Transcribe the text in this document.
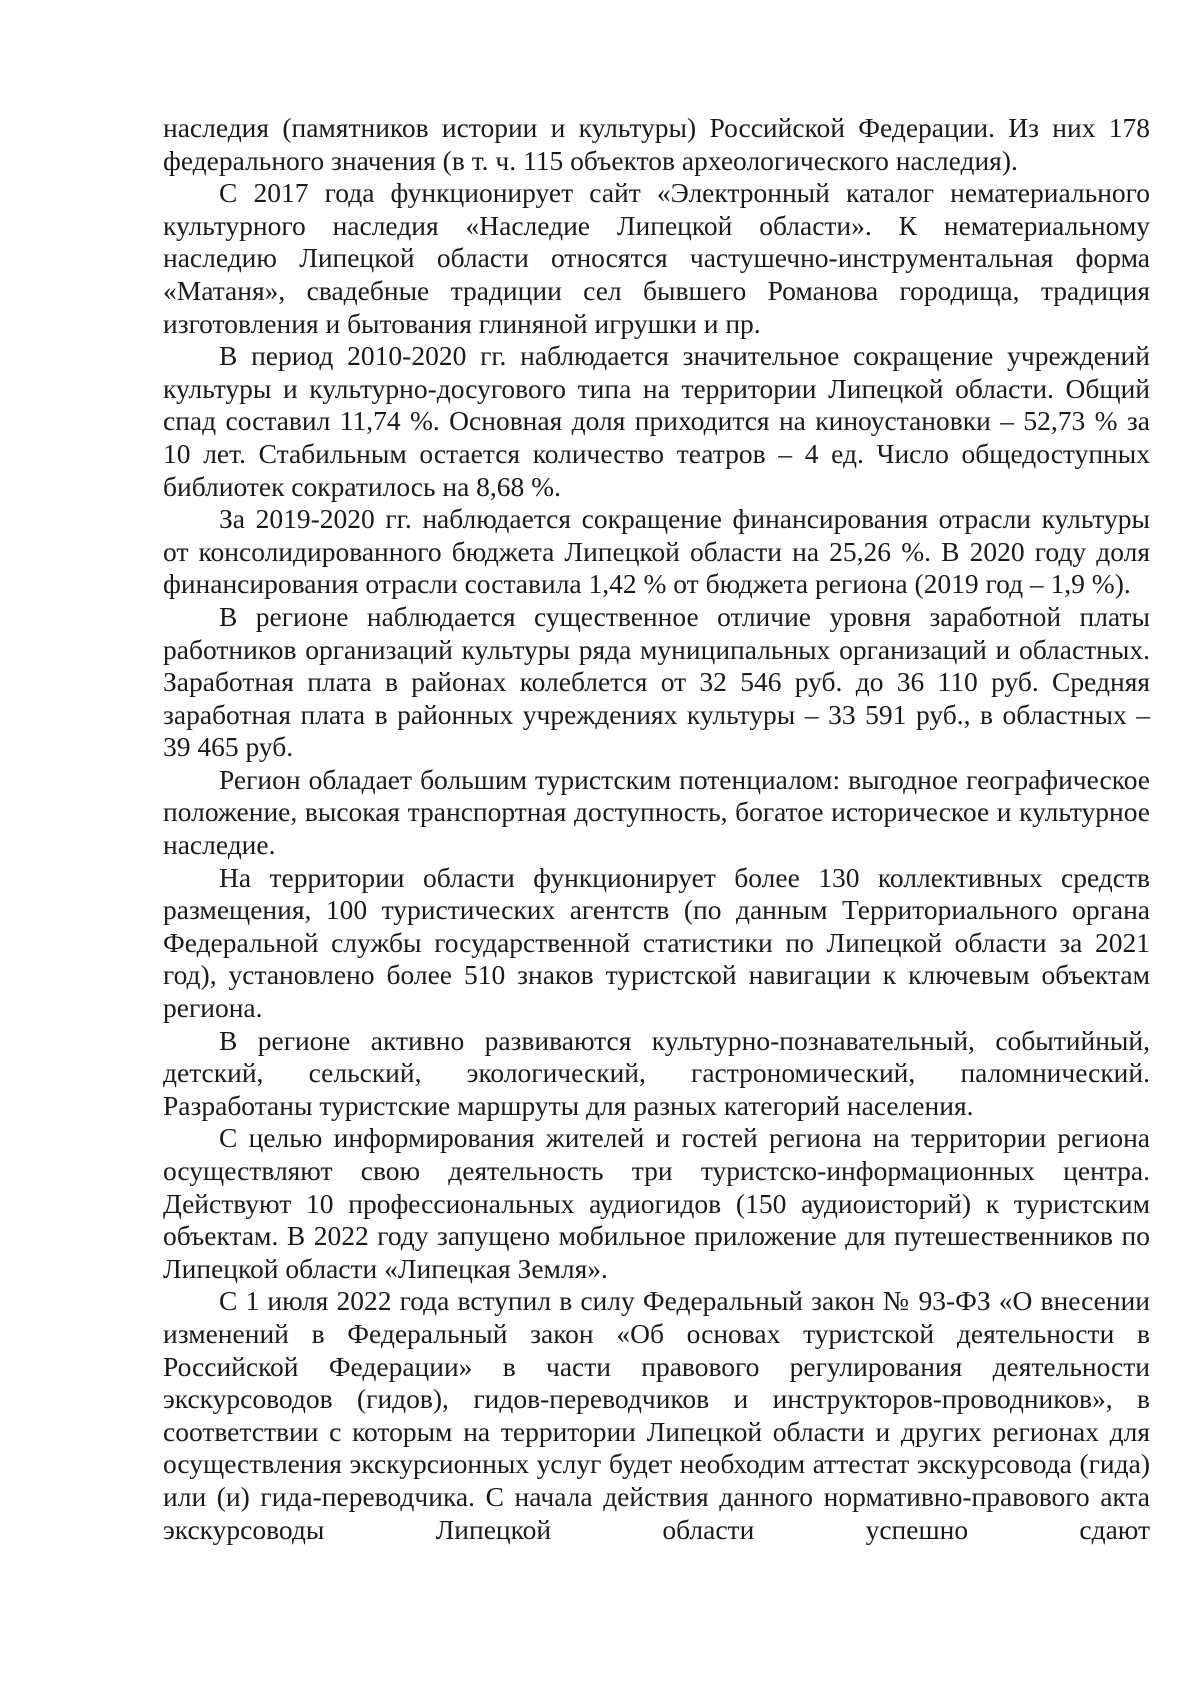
наследия (памятников истории и культуры) Российской Федерации. Из них 178 федерального значения (в т. ч. 115 объектов археологического наследия).

С 2017 года функционирует сайт «Электронный каталог нематериального культурного наследия «Наследие Липецкой области». К нематериальному наследию Липецкой области относятся частушечно-инструментальная форма «Матаня», свадебные традиции сел бывшего Романова городища, традиция изготовления и бытования глиняной игрушки и пр.

В период 2010-2020 гг. наблюдается значительное сокращение учреждений культуры и культурно-досугового типа на территории Липецкой области. Общий спад составил 11,74 %. Основная доля приходится на киноустановки – 52,73 % за 10 лет. Стабильным остается количество театров – 4 ед. Число общедоступных библиотек сократилось на 8,68 %.

За 2019-2020 гг. наблюдается сокращение финансирования отрасли культуры от консолидированного бюджета Липецкой области на 25,26 %. В 2020 году доля финансирования отрасли составила 1,42 % от бюджета региона (2019 год – 1,9 %).

В регионе наблюдается существенное отличие уровня заработной платы работников организаций культуры ряда муниципальных организаций и областных. Заработная плата в районах колеблется от 32 546 руб. до 36 110 руб. Средняя заработная плата в районных учреждениях культуры – 33 591 руб., в областных – 39 465 руб.

Регион обладает большим туристским потенциалом: выгодное географическое положение, высокая транспортная доступность, богатое историческое и культурное наследие.

На территории области функционирует более 130 коллективных средств размещения, 100 туристических агентств (по данным Территориального органа Федеральной службы государственной статистики по Липецкой области за 2021 год), установлено более 510 знаков туристской навигации к ключевым объектам региона.

В регионе активно развиваются культурно-познавательный, событийный, детский, сельский, экологический, гастрономический, паломнический. Разработаны туристские маршруты для разных категорий населения.

С целью информирования жителей и гостей региона на территории региона осуществляют свою деятельность три туристско-информационных центра. Действуют 10 профессиональных аудиогидов (150 аудиоисторий) к туристским объектам. В 2022 году запущено мобильное приложение для путешественников по Липецкой области «Липецкая Земля».

С 1 июля 2022 года вступил в силу Федеральный закон № 93-ФЗ «О внесении изменений в Федеральный закон «Об основах туристской деятельности в Российской Федерации» в части правового регулирования деятельности экскурсоводов (гидов), гидов-переводчиков и инструкторов-проводников», в соответствии с которым на территории Липецкой области и других регионах для осуществления экскурсионных услуг будет необходим аттестат экскурсовода (гида) или (и) гида-переводчика. С начала действия данного нормативно-правового акта экскурсоводы Липецкой области успешно сдают
